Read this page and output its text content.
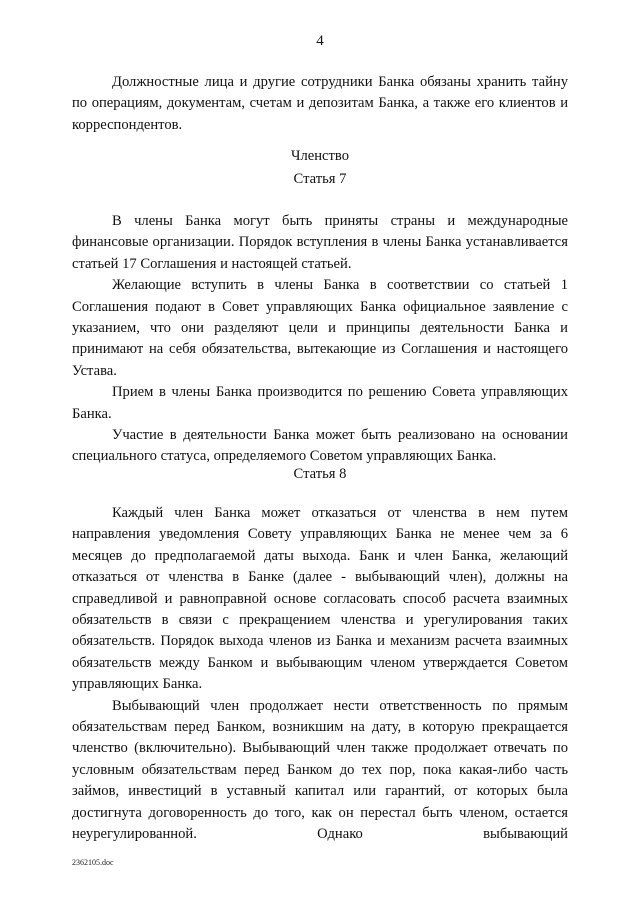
4

Должностные лица и другие сотрудники Банка обязаны хранить тайну по операциям, документам, счетам и депозитам Банка, а также его клиентов и корреспондентов.

Членство
Статья 7

В члены Банка могут быть приняты страны и международные финансовые организации. Порядок вступления в члены Банка устанавливается статьей 17 Соглашения и настоящей статьей.

Желающие вступить в члены Банка в соответствии со статьей 1 Соглашения подают в Совет управляющих Банка официальное заявление с указанием, что они разделяют цели и принципы деятельности Банка и принимают на себя обязательства, вытекающие из Соглашения и настоящего Устава.

Прием в члены Банка производится по решению Совета управляющих Банка.

Участие в деятельности Банка может быть реализовано на основании специального статуса, определяемого Советом управляющих Банка.

Статья 8

Каждый член Банка может отказаться от членства в нем путем направления уведомления Совету управляющих Банка не менее чем за 6 месяцев до предполагаемой даты выхода. Банк и член Банка, желающий отказаться от членства в Банке (далее - выбывающий член), должны на справедливой и равноправной основе согласовать способ расчета взаимных обязательств в связи с прекращением членства и урегулирования таких обязательств. Порядок выхода членов из Банка и механизм расчета взаимных обязательств между Банком и выбывающим членом утверждается Советом управляющих Банка.

Выбывающий член продолжает нести ответственность по прямым обязательствам перед Банком, возникшим на дату, в которую прекращается членство (включительно). Выбывающий член также продолжает отвечать по условным обязательствам перед Банком до тех пор, пока какая-либо часть займов, инвестиций в уставный капитал или гарантий, от которых была достигнута договоренность до того, как он перестал быть членом, остается неурегулированной. Однако выбывающий

2362105.doc
